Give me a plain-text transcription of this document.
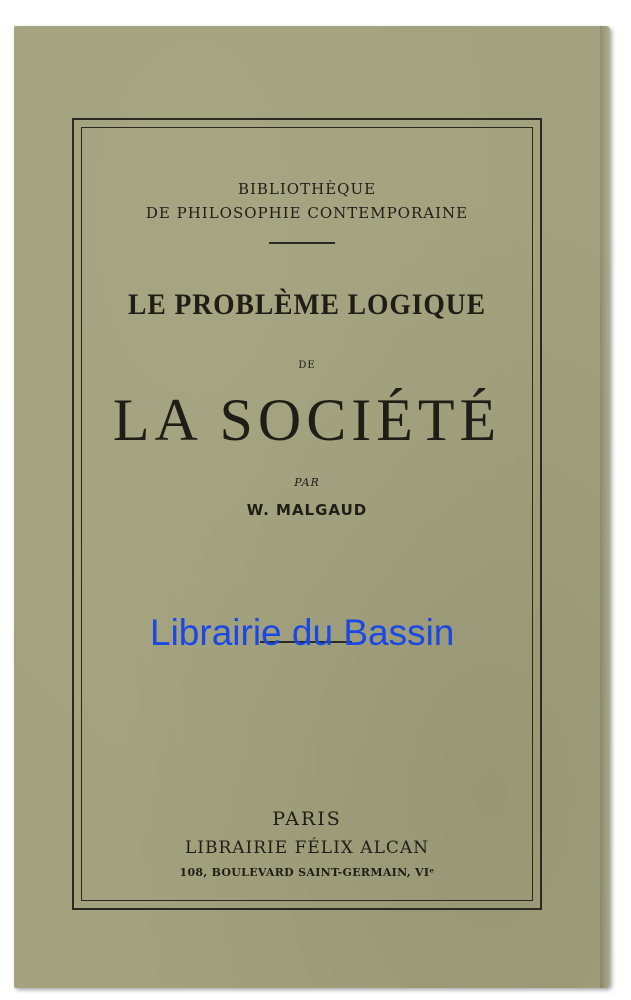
BIBLIOTHÈQUE
DE PHILOSOPHIE CONTEMPORAINE
LE PROBLÈME LOGIQUE
DE
LA SOCIÉTÉ
PAR
W. MALGAUD
PARIS
LIBRAIRIE FÉLIX ALCAN
108, BOULEVARD SAINT-GERMAIN, VIᵉ
Librairie du Bassin
